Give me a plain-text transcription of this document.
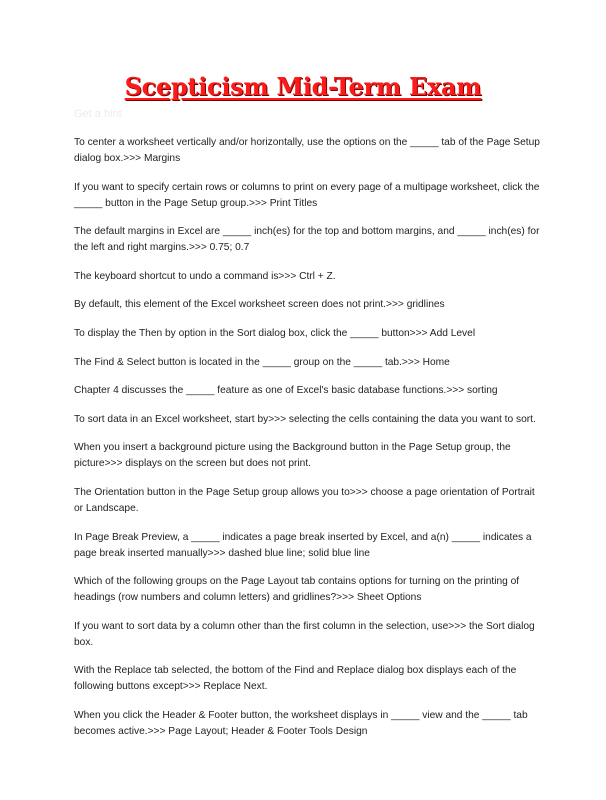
Scepticism Mid-Term Exam
Get a hint

To center a worksheet vertically and/or horizontally, use the options on the _____ tab of the Page Setup dialog box.>>> Margins

If you want to specify certain rows or columns to print on every page of a multipage worksheet, click the _____ button in the Page Setup group.>>> Print Titles

The default margins in Excel are _____ inch(es) for the top and bottom margins, and _____ inch(es) for the left and right margins.>>> 0.75; 0.7

The keyboard shortcut to undo a command is>>> Ctrl + Z.

By default, this element of the Excel worksheet screen does not print.>>> gridlines

To display the Then by option in the Sort dialog box, click the _____ button>>> Add Level

The Find & Select button is located in the _____ group on the _____ tab.>>> Home

Chapter 4 discusses the _____ feature as one of Excel's basic database functions.>>> sorting

To sort data in an Excel worksheet, start by>>> selecting the cells containing the data you want to sort.

When you insert a background picture using the Background button in the Page Setup group, the picture>>> displays on the screen but does not print.

The Orientation button in the Page Setup group allows you to>>> choose a page orientation of Portrait or Landscape.

In Page Break Preview, a _____ indicates a page break inserted by Excel, and a(n) _____ indicates a page break inserted manually>>> dashed blue line; solid blue line

Which of the following groups on the Page Layout tab contains options for turning on the printing of headings (row numbers and column letters) and gridlines?>>> Sheet Options

If you want to sort data by a column other than the first column in the selection, use>>> the Sort dialog box.

With the Replace tab selected, the bottom of the Find and Replace dialog box displays each of the following buttons except>>> Replace Next.

When you click the Header & Footer button, the worksheet displays in _____ view and the _____ tab becomes active.>>> Page Layout; Header & Footer Tools Design
